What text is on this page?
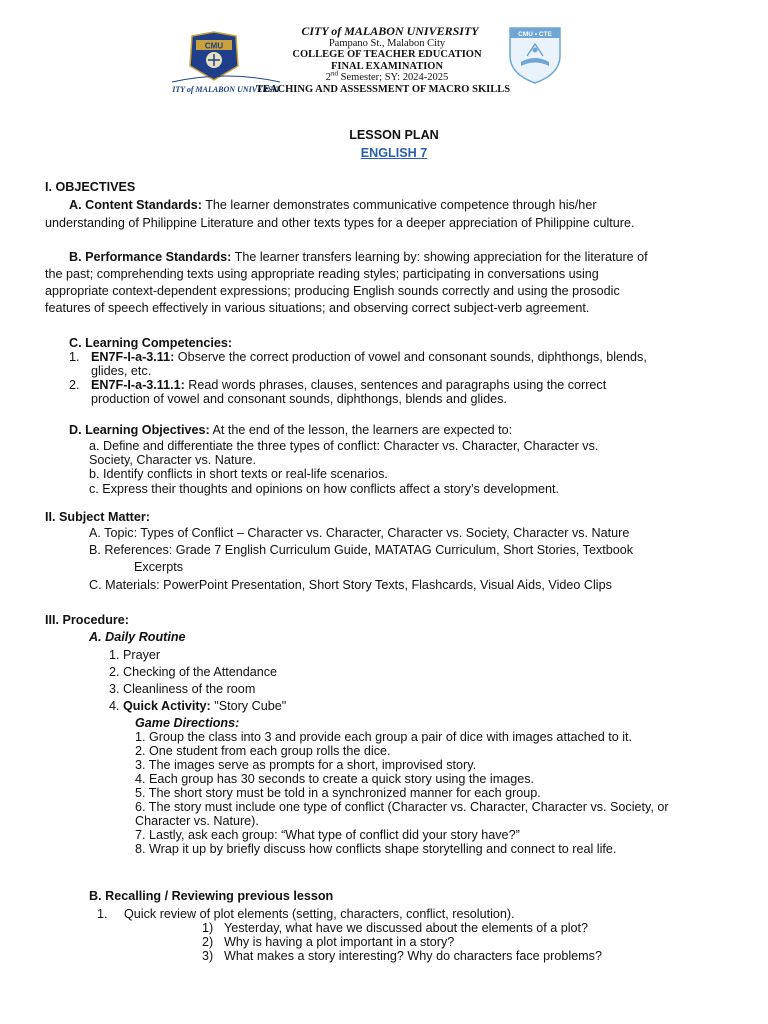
CMU
CITY of MALABON UNIVERSITY
CMU • CTE
CITY of MALABON UNIVERSITY
Pampano St., Malabon City
COLLEGE OF TEACHER EDUCATION
FINAL EXAMINATION
2nd Semester; SY: 2024-2025
TEACHING AND ASSESSMENT OF MACRO SKILLS
LESSON PLAN
ENGLISH 7
I. OBJECTIVES
A. Content Standards: The learner demonstrates communicative competence through his/her
understanding of Philippine Literature and other texts types for a deeper appreciation of Philippine culture.
B. Performance Standards: The learner transfers learning by: showing appreciation for the literature of
the past; comprehending texts using appropriate reading styles; participating in conversations using
appropriate context-dependent expressions; producing English sounds correctly and using the prosodic
features of speech effectively in various situations; and observing correct subject-verb agreement.
C. Learning Competencies:
1. EN7F-I-a-3.11: Observe the correct production of vowel and consonant sounds, diphthongs, blends,
glides, etc.
2. EN7F-I-a-3.11.1: Read words phrases, clauses, sentences and paragraphs using the correct
production of vowel and consonant sounds, diphthongs, blends and glides.
D. Learning Objectives: At the end of the lesson, the learners are expected to:
a. Define and differentiate the three types of conflict: Character vs. Character, Character vs.
Society, Character vs. Nature.
b. Identify conflicts in short texts or real-life scenarios.
c. Express their thoughts and opinions on how conflicts affect a story’s development.
II. Subject Matter:
A. Topic: Types of Conflict – Character vs. Character, Character vs. Society, Character vs. Nature
B. References: Grade 7 English Curriculum Guide, MATATAG Curriculum, Short Stories, Textbook
Excerpts
C. Materials: PowerPoint Presentation, Short Story Texts, Flashcards, Visual Aids, Video Clips
III. Procedure:
A. Daily Routine
1. Prayer
2. Checking of the Attendance
3. Cleanliness of the room
4. Quick Activity: "Story Cube"
Game Directions:
1. Group the class into 3 and provide each group a pair of dice with images attached to it.
2. One student from each group rolls the dice.
3. The images serve as prompts for a short, improvised story.
4. Each group has 30 seconds to create a quick story using the images.
5. The short story must be told in a synchronized manner for each group.
6. The story must include one type of conflict (Character vs. Character, Character vs. Society, or
Character vs. Nature).
7. Lastly, ask each group: “What type of conflict did your story have?”
8. Wrap it up by briefly discuss how conflicts shape storytelling and connect to real life.
B. Recalling / Reviewing previous lesson
1. Quick review of plot elements (setting, characters, conflict, resolution).
1) Yesterday, what have we discussed about the elements of a plot?
2) Why is having a plot important in a story?
3) What makes a story interesting? Why do characters face problems?
